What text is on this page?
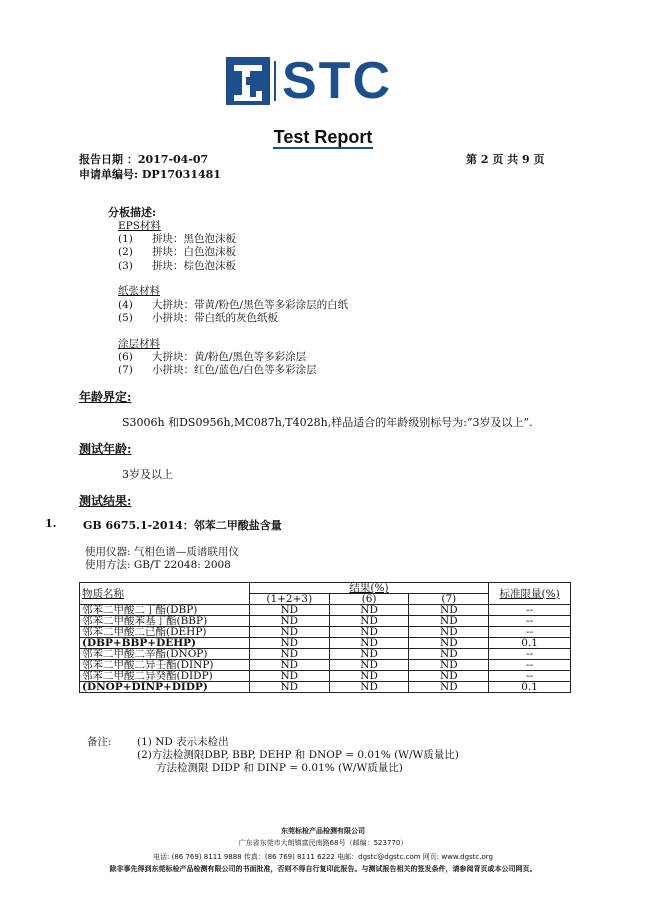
STC
Test Report
报告日期 ：2017-04-07
申请单编号: DP17031481
第 2 页 共 9 页
分板描述:
EPS材料
(1) 拼块：黑色泡沫板
(2) 拼块：白色泡沫板
(3) 拼块：棕色泡沫板
纸张材料
(4) 大拼块：带黄/粉色/黑色等多彩涂层的白纸
(5) 小拼块：带白纸的灰色纸板
涂层材料
(6) 大拼块：黄/粉色/黑色等多彩涂层
(7) 小拼块：红色/蓝色/白色等多彩涂层
年龄界定:
S3006h 和DS0956h,MC087h,T4028h,样品适合的年龄级别标号为:“3岁及以上”.
测试年龄:
3岁及以上
测试结果:
1. GB 6675.1-2014：邻苯二甲酸盐含量
使用仪器: 气相色谱—质谱联用仪
使用方法: GB/T 22048: 2008
物质名称	结果(%)			标准限量(%)
	(1+2+3)	(6)	(7)	
邻苯二甲酸二丁酯(DBP)	ND	ND	ND	--
邻苯二甲酸苯基丁酯(BBP)	ND	ND	ND	--
邻苯二甲酸二已酯(DEHP)	ND	ND	ND	--
(DBP+BBP+DEHP)	ND	ND	ND	0.1
邻苯二甲酸二辛酯(DNOP)	ND	ND	ND	--
邻苯二甲酸二异壬酯(DINP)	ND	ND	ND	--
邻苯二甲酸二异癸酯(DIDP)	ND	ND	ND	--
(DNOP+DINP+DIDP)	ND	ND	ND	0.1
备注: (1) ND 表示未检出
(2)方法检测限DBP, BBP, DEHP 和 DNOP = 0.01% (W/W质量比)
方法检测限 DIDP 和 DINP = 0.01% (W/W质量比)
东莞标检产品检测有限公司
广东省东莞市大朗镇富民南路68号（邮编：523770）
电话: (86 769) 8111 9888 传真：(86 769) 8111 6222 电邮：dgstc@dgstc.com 网页: www.dgstc.org
除非事先得到东莞标检产品检测有限公司的书面批准，否则不得自行复印此报告。与测试报告相关的签发条件，请参阅背页或本公司网页。
